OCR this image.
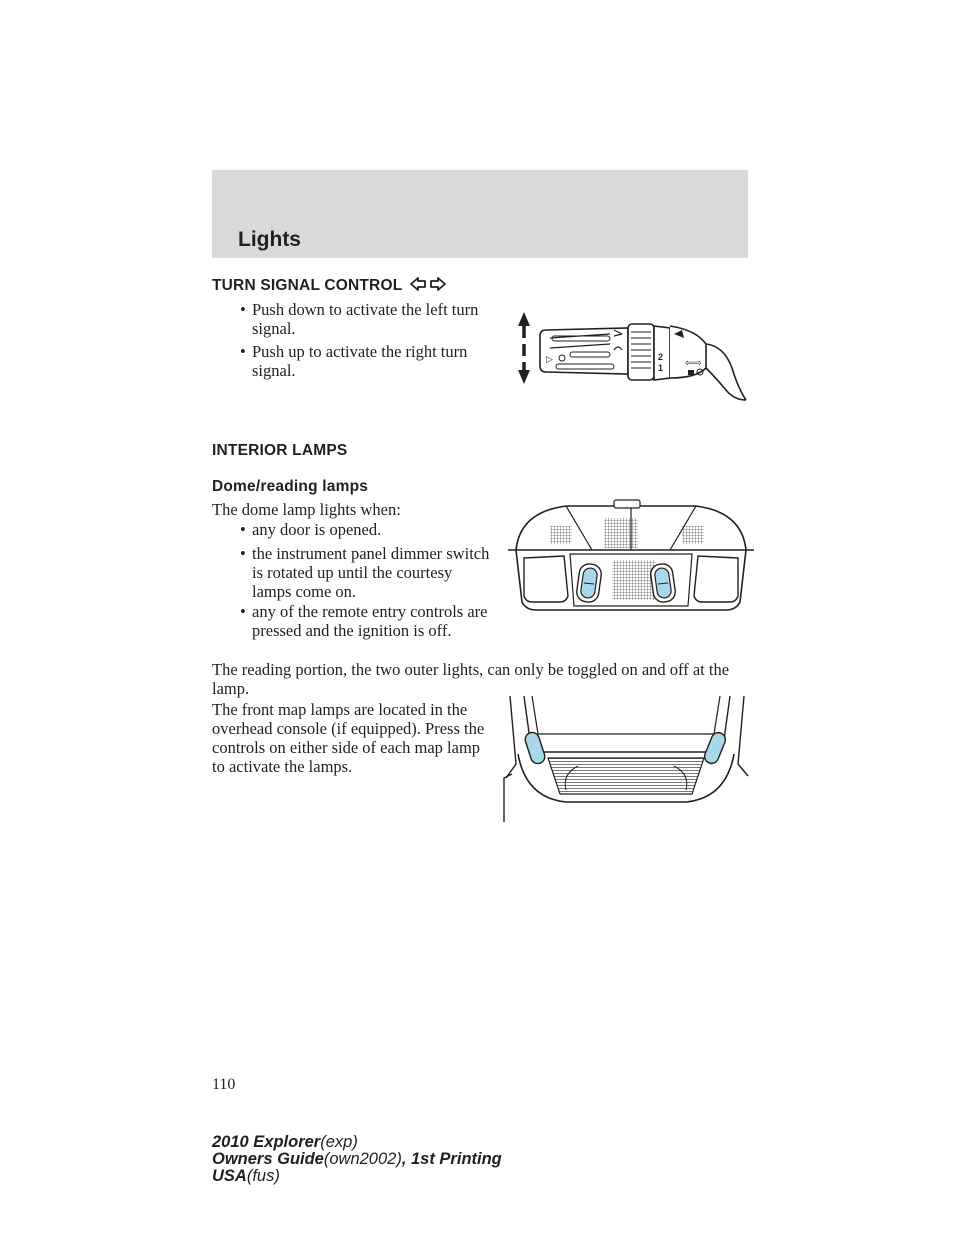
Lights
TURN SIGNAL CONTROL
• Push down to activate the left turn signal.
• Push up to activate the right turn signal.
▷	2
1 ⇦⇨
INTERIOR LAMPS
Dome/reading lamps
The dome lamp lights when:
• any door is opened.
• the instrument panel dimmer switch is rotated up until the courtesy lamps come on.
• any of the remote entry controls are pressed and the ignition is off.
The reading portion, the two outer lights, can only be toggled on and off at the lamp.
The front map lamps are located in the overhead console (if equipped). Press the controls on either side of each map lamp to activate the lamps.
110
2010 Explorer(exp)
Owners Guide(own2002), 1st Printing
USA(fus)
